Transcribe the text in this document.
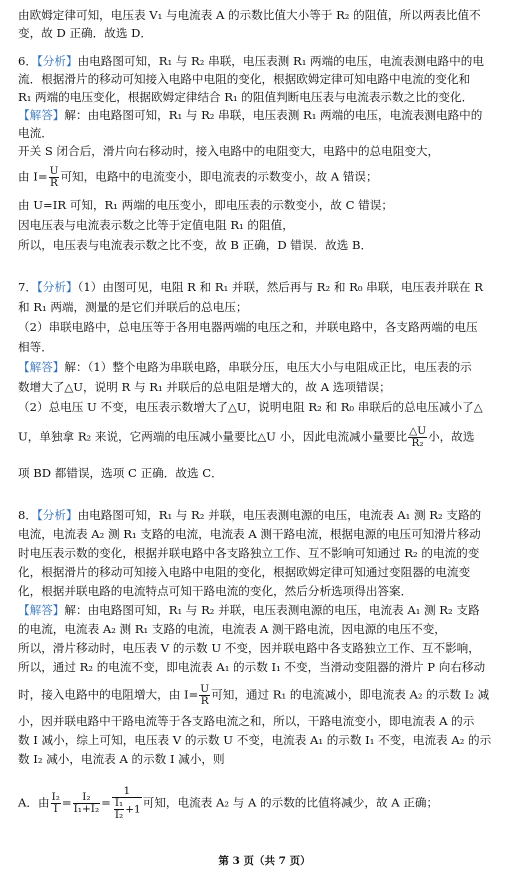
由欧姆定律可知，电压表 V₁ 与电流表 A 的示数比值大小等于 R₂ 的阻值，所以两表比值不
变，故 D 正确．故选 D．
6．【分析】由电路图可知，R₁ 与 R₂ 串联，电压表测 R₁ 两端的电压，电流表测电路中的电
流．根据滑片的移动可知接入电路中电阻的变化，根据欧姆定律可知电路中电流的变化和
R₁ 两端的电压变化，根据欧姆定律结合 R₁ 的阻值判断电压表与电流表示数之比的变化．
【解答】解：由电路图可知，R₁ 与 R₂ 串联，电压表测 R₁ 两端的电压，电流表测电路中的
电流．
开关 S 闭合后，滑片向右移动时，接入电路中的电阻变大，电路中的总电阻变大，
由 $I= \frac{U}{R}$ 可知，电路中的电流变小，即电流表的示数变小，故 A 错误；
由 U=IR 可知，R₁ 两端的电压变小，即电压表的示数变小，故 C 错误；
因电压表与电流表示数之比等于定值电阻 R₁ 的阻值，
所以，电压表与电流表示数之比不变，故 B 正确，D 错误．故选 B．
7．【分析】（1）由图可见，电阻 R 和 R₁ 并联，然后再与 R₂ 和 R₀ 串联，电压表并联在 R
和 R₁ 两端，测量的是它们并联后的总电压；
（2）串联电路中，总电压等于各用电器两端的电压之和，并联电路中，各支路两端的电压
相等．
【解答】解：（1）整个电路为串联电路，串联分压，电压大小与电阻成正比，电压表的示
数增大了△U，说明 R 与 R₁ 并联后的总电阻是增大的，故 A 选项错误；
（2）总电压 U 不变，电压表示数增大了△U，说明电阻 R₂ 和 R₀ 串联后的总电压减小了△
U，单独拿 R₂ 来说，它两端的电压减小量要比△U 小，因此电流减小量要比 $\frac{\triangle U}{\text{R₂}}$ 小，故选
项 BD 都错误，选项 C 正确．故选 C．
8．【分析】由电路图可知，R₁ 与 R₂ 并联，电压表测电源的电压，电流表 A₁ 测 R₂ 支路的
电流，电流表 A₂ 测 R₁ 支路的电流，电流表 A 测干路电流，根据电源的电压可知滑片移动
时电压表示数的变化，根据并联电路中各支路独立工作、互不影响可知通过 R₂ 的电流的变
化，根据滑片的移动可知接入电路中电阻的变化，根据欧姆定律可知通过变阻器的电流变
化，根据并联电路的电流特点可知干路电流的变化，然后分析选项得出答案．
【解答】解：由电路图可知，R₁ 与 R₂ 并联，电压表测电源的电压，电流表 A₁ 测 R₂ 支路
的电流，电流表 A₂ 测 R₁ 支路的电流，电流表 A 测干路电流，因电源的电压不变，
所以，滑片移动时，电压表 V 的示数 U 不变，因并联电路中各支路独立工作、互不影响，
所以，通过 R₂ 的电流不变，即电流表 A₁ 的示数 I₁ 不变，当滑动变阻器的滑片 P 向右移动
时，接入电路中的电阻增大，由 $I= \frac{U}{R}$ 可知，通过 R₁ 的电流减小，即电流表 A₂ 的示数 I₂ 减
小，因并联电路中干路电流等于各支路电流之和，所以，干路电流变小，即电流表 A 的示
数 I 减小，综上可知，电压表 V 的示数 U 不变，电流表 A₁ 的示数 I₁ 不变，电流表 A₂ 的示
数 I₂ 减小，电流表 A 的示数 I 减小，则
A．由 $\frac{\text{I₂}}{I} = \frac{\text{I₂}}{\text{I₁+I₂}} = \frac{1}{\frac{\text{I₁}}{\text{I₂}} +1}$ 可知，电流表 A₂ 与 A 的示数的比值将减少，故 A 正确；
第 3 页（共 7 页）
